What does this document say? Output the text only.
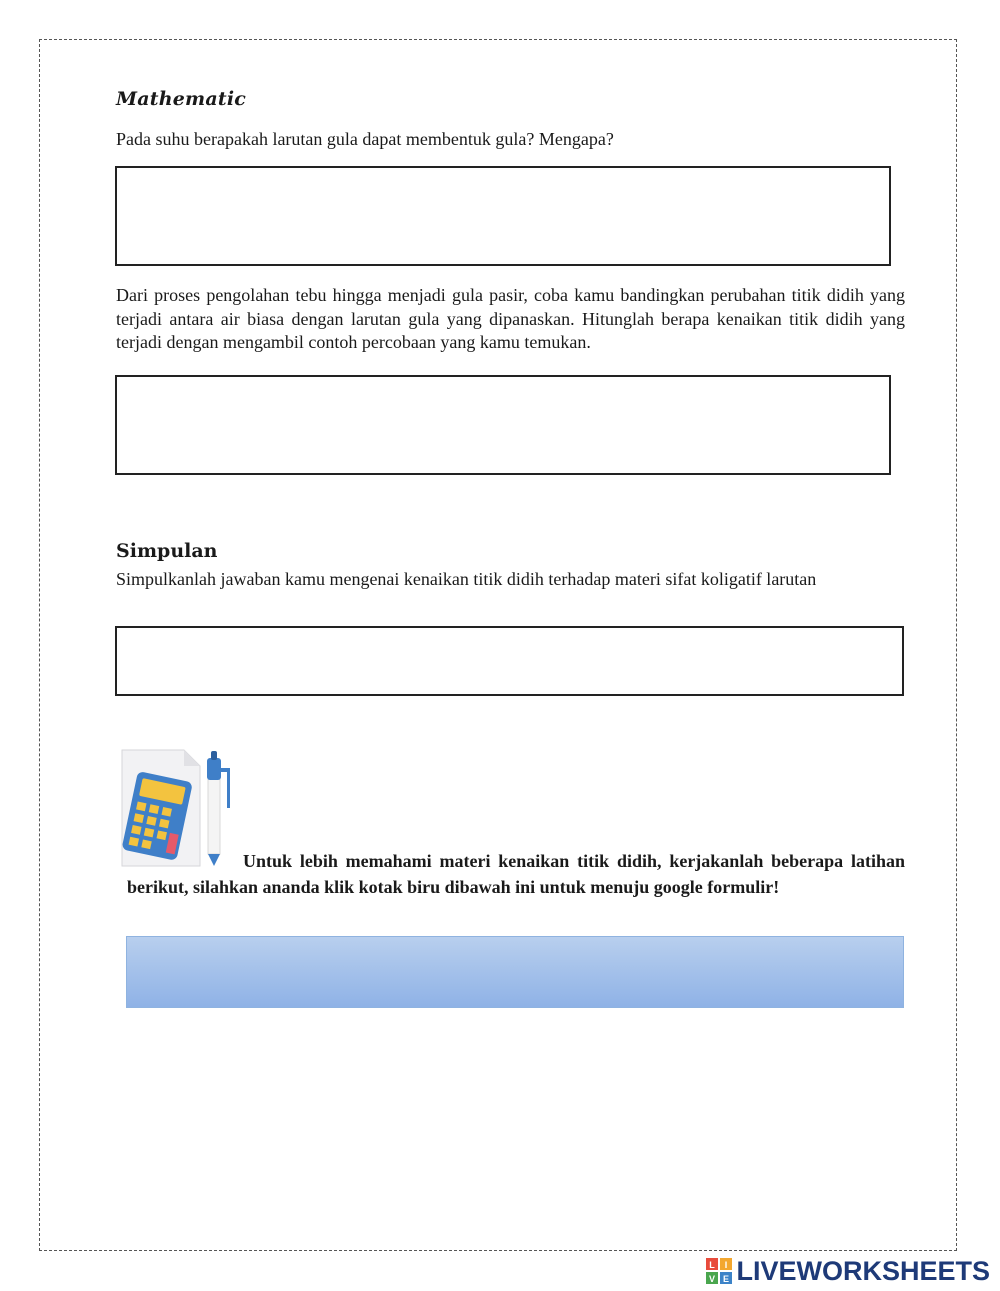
Mathematic

Pada suhu berapakah larutan gula dapat membentuk gula? Mengapa?

Dari proses pengolahan tebu hingga menjadi gula pasir, coba kamu bandingkan perubahan titik didih yang terjadi antara air biasa dengan larutan gula yang dipanaskan. Hitunglah berapa kenaikan titik didih yang terjadi dengan mengambil contoh percobaan yang kamu temukan.

Simpulan

Simpulkanlah jawaban kamu mengenai kenaikan titik didih terhadap materi sifat koligatif larutan

Untuk lebih memahami materi kenaikan titik didih, kerjakanlah beberapa latihan berikut, silahkan ananda klik kotak biru dibawah ini untuk menuju google formulir!

L I
V E LIVEWORKSHEETS
